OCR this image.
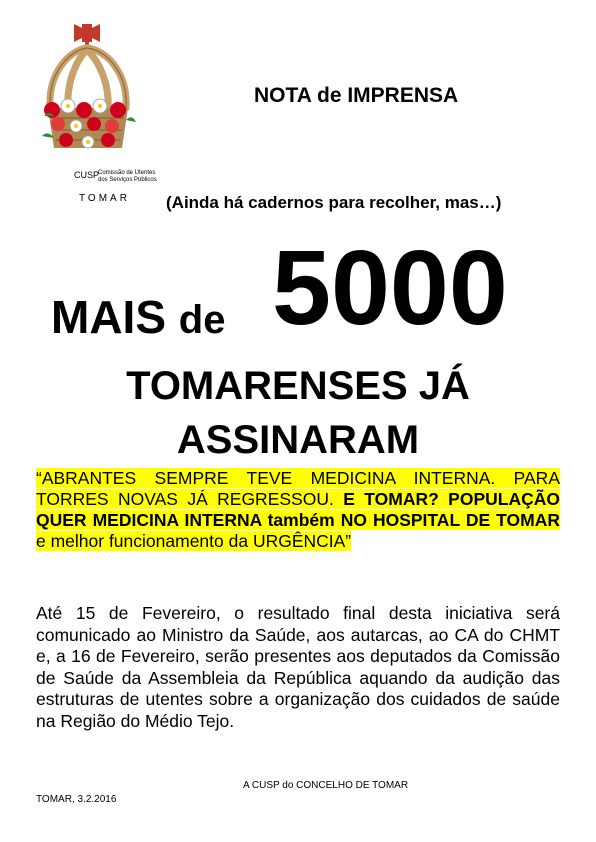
CUSP
Comissão de Utentes dos Serviços Públicos
TOMAR
NOTA de IMPRENSA
(Ainda há cadernos para recolher, mas…)
MAIS de 5000
TOMARENSES JÁ
ASSINARAM
“ABRANTES SEMPRE TEVE MEDICINA INTERNA. PARA TORRES NOVAS JÁ REGRESSOU. E TOMAR? POPULAÇÃO QUER MEDICINA INTERNA também NO HOSPITAL DE TOMAR e melhor funcionamento da URGÊNCIA”
Até 15 de Fevereiro, o resultado final desta iniciativa será comunicado ao Ministro da Saúde, aos autarcas, ao CA do CHMT e, a 16 de Fevereiro, serão presentes aos deputados da Comissão de Saúde da Assembleia da República aquando da audição das estruturas de utentes sobre a organização dos cuidados de saúde na Região do Médio Tejo.
A CUSP do CONCELHO DE TOMAR
TOMAR, 3.2.2016
